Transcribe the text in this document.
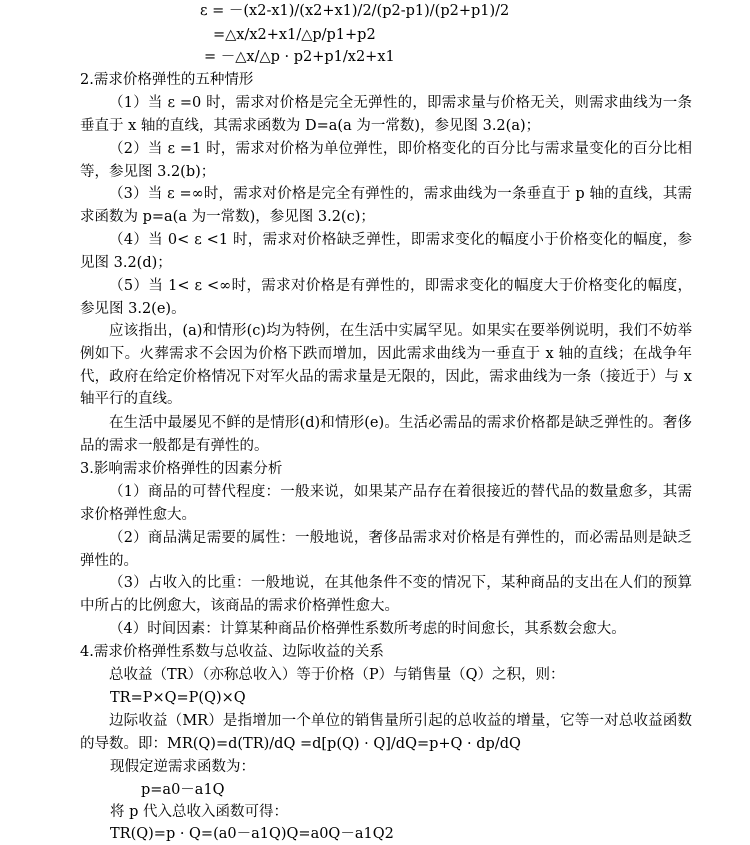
ε = －(x2-x1)/(x2+x1)/2/(p2-p1)/(p2+p1)/2
=△x/x2+x1/△p/p1+p2
= －△x/△p · p2+p1/x2+x1
2.需求价格弹性的五种情形
（1）当 ε =0 时，需求对价格是完全无弹性的，即需求量与价格无关，则需求曲线为一条垂直于 x 轴的直线，其需求函数为 D=a(a 为一常数)，参见图 3.2(a)；
（2）当 ε =1 时，需求对价格为单位弹性，即价格变化的百分比与需求量变化的百分比相等，参见图 3.2(b)；
（3）当 ε =∞时，需求对价格是完全有弹性的，需求曲线为一条垂直于 p 轴的直线，其需求函数为 p=a(a 为一常数)，参见图 3.2(c)；
（4）当 0< ε <1 时，需求对价格缺乏弹性，即需求变化的幅度小于价格变化的幅度，参见图 3.2(d)；
（5）当 1< ε <∞时，需求对价格是有弹性的，即需求变化的幅度大于价格变化的幅度，参见图 3.2(e)。
应该指出，(a)和情形(c)均为特例，在生活中实属罕见。如果实在要举例说明，我们不妨举例如下。火葬需求不会因为价格下跌而增加，因此需求曲线为一垂直于 x 轴的直线；在战争年代，政府在给定价格情况下对军火品的需求量是无限的，因此，需求曲线为一条（接近于）与 x 轴平行的直线。
在生活中最屡见不鲜的是情形(d)和情形(e)。生活必需品的需求价格都是缺乏弹性的。奢侈品的需求一般都是有弹性的。
3.影响需求价格弹性的因素分析
（1）商品的可替代程度：一般来说，如果某产品存在着很接近的替代品的数量愈多，其需求价格弹性愈大。
（2）商品满足需要的属性：一般地说，奢侈品需求对价格是有弹性的，而必需品则是缺乏弹性的。
（3）占收入的比重：一般地说，在其他条件不变的情况下，某种商品的支出在人们的预算中所占的比例愈大，该商品的需求价格弹性愈大。
（4）时间因素：计算某种商品价格弹性系数所考虑的时间愈长，其系数会愈大。
4.需求价格弹性系数与总收益、边际收益的关系
总收益（TR）（亦称总收入）等于价格（P）与销售量（Q）之积，则：
TR=P×Q=P(Q)×Q
边际收益（MR）是指增加一个单位的销售量所引起的总收益的增量，它等一对总收益函数的导数。即：MR(Q)=d(TR)/dQ =d[p(Q) · Q]/dQ=p+Q · dp/dQ
现假定逆需求函数为：
p=a0－a1Q
将 p 代入总收入函数可得：
TR(Q)=p · Q=(a0－a1Q)Q=a0Q－a1Q2
